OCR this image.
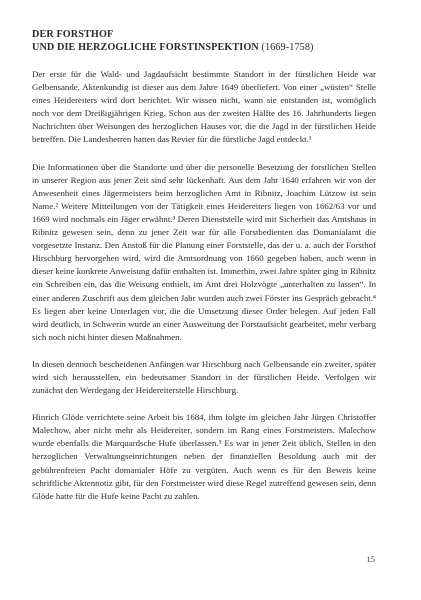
DER FORSTHOF
UND DIE HERZOGLICHE FORSTINSPEKTION (1669-1758)

Der erste für die Wald- und Jagdaufsicht bestimmte Standort in der fürstlichen Heide war Gelbensande. Aktenkundig ist dieser aus dem Jahre 1649 überliefert. Von einer „wüsten“ Stelle eines Heidereiters wird dort berichtet. Wir wissen nicht, wann sie entstanden ist, womöglich noch vor dem Dreißigjährigen Krieg. Schon aus der zweiten Hälfte des 16. Jahrhunderts liegen Nachrichten über Weisungen des herzoglichen Hauses vor, die die Jagd in der fürstlichen Heide betreffen. Die Landesherren hatten das Revier für die fürstliche Jagd entdeckt.¹

Die Informationen über die Standorte und über die personelle Besetzung der forstlichen Stellen in unserer Region aus jener Zeit sind sehr lückenhaft. Aus dem Jahr 1640 erfahren wir von der Anwesenheit eines Jägermeisters beim herzoglichen Amt in Ribnitz, Joachim Lützow ist sein Name.² Weitere Mitteilungen von der Tätigkeit eines Heidereiters liegen von 1662/63 vor und 1669 wird nochmals ein Jäger erwähnt.³ Deren Dienststelle wird mit Sicherheit das Amtshaus in Ribnitz gewesen sein, denn zu jener Zeit war für alle Forstbedienten das Domanialamt die vorgesetzte Instanz. Den Anstoß für die Planung einer Forststelle, das der u. a. auch der Forsthof Hirschburg hervorgehen wird, wird die Amtsordnung von 1660 gegeben haben, auch wenn in dieser keine konkrete Anweisung dafür enthalten ist. Immerhin, zwei Jahre später ging in Ribnitz ein Schreiben ein, das die Weisung enthielt, im Amt drei Holzvögte „unterhalten zu lassen“. In einer anderen Zuschrift aus dem gleichen Jahr wurden auch zwei Förster ins Gespräch gebracht.⁴ Es liegen aber keine Unterlagen vor, die die Umsetzung dieser Order belegen. Auf jeden Fall wird deutlich, in Schwerin wurde an einer Ausweitung der Forstaufsicht gearbeitet, mehr verbarg sich noch nicht hinter diesen Maßnahmen.

In diesen dennoch bescheidenen Anfängen war Hirschburg nach Gelbensande ein zweiter, später wird sich herausstellen, ein bedeutsamer Standort in der fürstlichen Heide. Verfolgen wir zunächst den Werdegang der Heidereiterstelle Hirschburg.

Hinrich Glöde verrichtete seine Arbeit bis 1684, ihm folgte im gleichen Jahr Jürgen Christoffer Malechow, aber nicht mehr als Heidereiter, sondern im Rang eines Forstmeisters. Malechow wurde ebenfalls die Marquardsche Hufe überlassen.⁵ Es war in jener Zeit üblich, Stellen in den herzoglichen Verwaltungseinrichtungen neben der finanziellen Besoldung auch mit der gebührenfreien Pacht domanialer Höfe zu vergüten. Auch wenn es für den Beweis keine schriftliche Aktennotiz gibt, für den Forstmeister wird diese Regel zutreffend gewesen sein, denn Glöde hatte für die Hufe keine Pacht zu zahlen.

15
